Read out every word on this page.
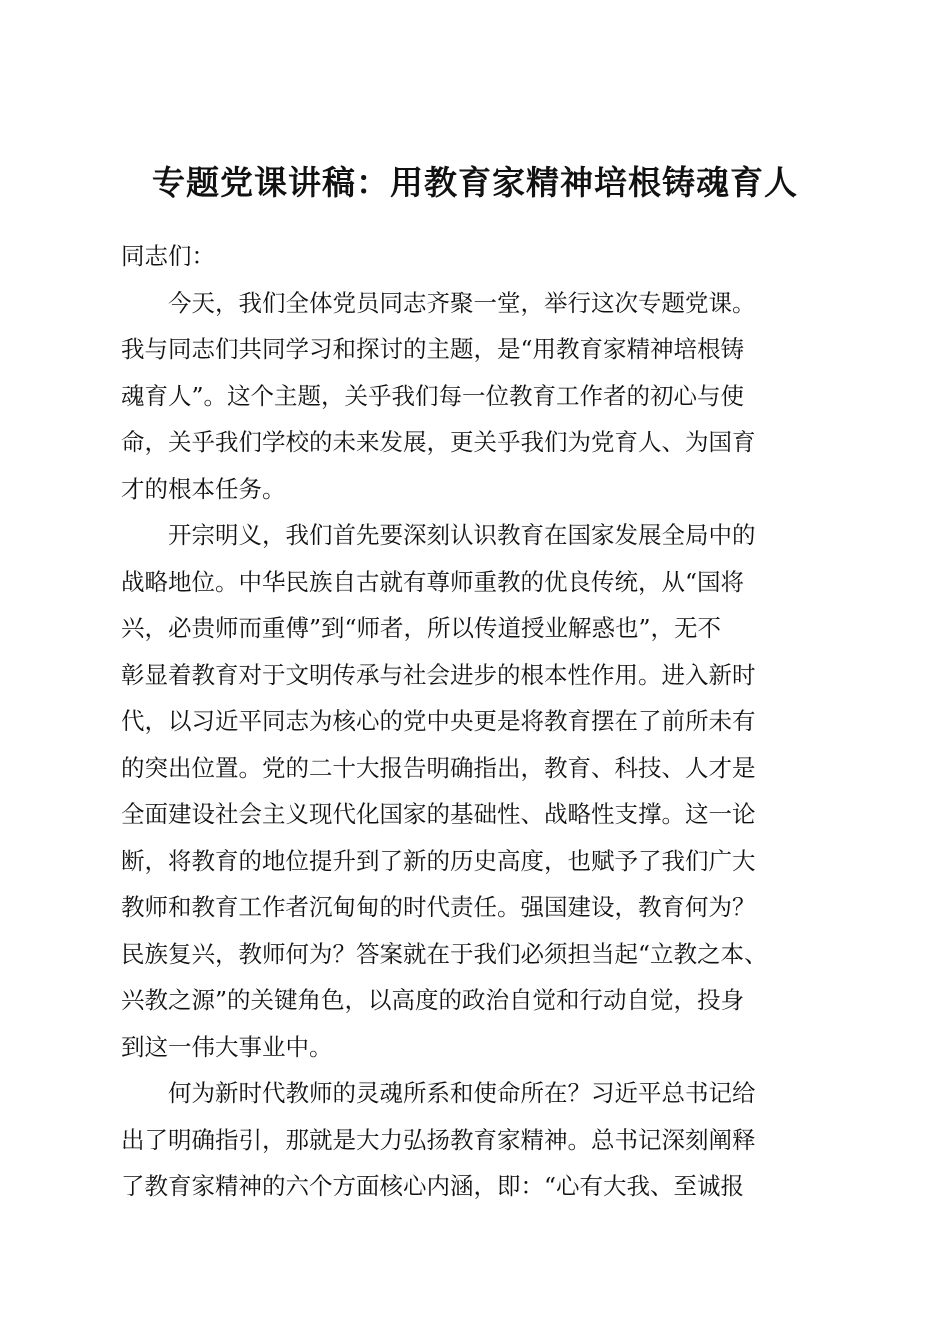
专题党课讲稿：用教育家精神培根铸魂育人

同志们：

今天，我们全体党员同志齐聚一堂，举行这次专题党课。
我与同志们共同学习和探讨的主题，是“用教育家精神培根铸
魂育人”。这个主题，关乎我们每一位教育工作者的初心与使
命，关乎我们学校的未来发展，更关乎我们为党育人、为国育
才的根本任务。

开宗明义，我们首先要深刻认识教育在国家发展全局中的
战略地位。中华民族自古就有尊师重教的优良传统，从“国将
兴，必贵师而重傅”到“师者，所以传道授业解惑也”，无不
彰显着教育对于文明传承与社会进步的根本性作用。进入新时
代，以习近平同志为核心的党中央更是将教育摆在了前所未有
的突出位置。党的二十大报告明确指出，教育、科技、人才是
全面建设社会主义现代化国家的基础性、战略性支撑。这一论
断，将教育的地位提升到了新的历史高度，也赋予了我们广大
教师和教育工作者沉甸甸的时代责任。强国建设，教育何为？
民族复兴，教师何为？答案就在于我们必须担当起“立教之本、
兴教之源”的关键角色，以高度的政治自觉和行动自觉，投身
到这一伟大事业中。

何为新时代教师的灵魂所系和使命所在？习近平总书记给
出了明确指引，那就是大力弘扬教育家精神。总书记深刻阐释
了教育家精神的六个方面核心内涵，即：“心有大我、至诚报
